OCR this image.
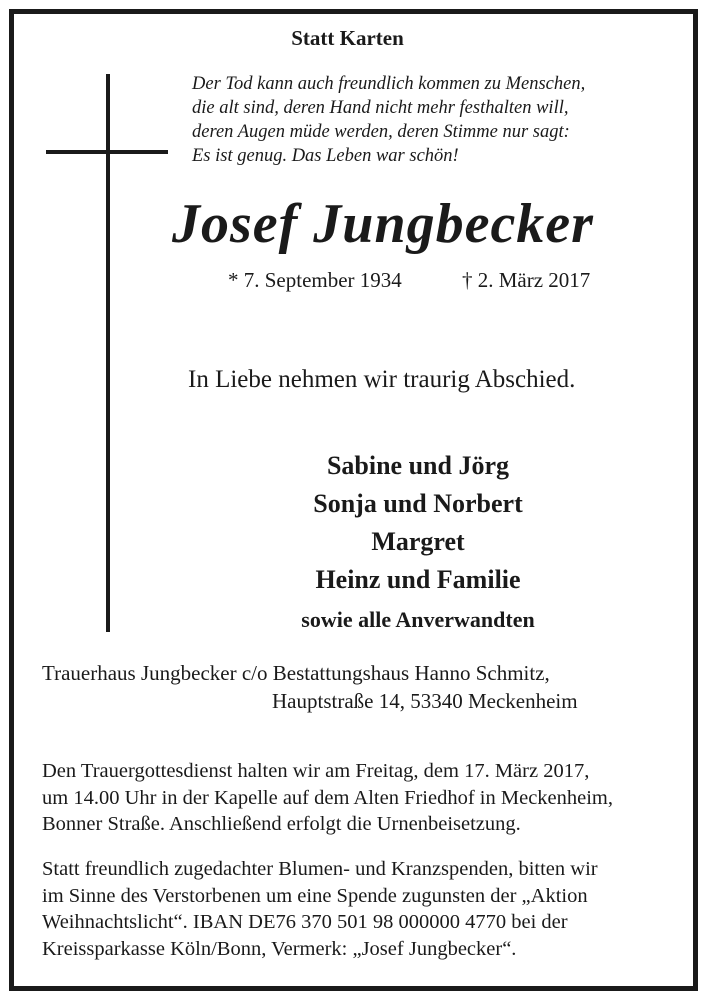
Statt Karten
Der Tod kann auch freundlich kommen zu Menschen,
die alt sind, deren Hand nicht mehr festhalten will,
deren Augen müde werden, deren Stimme nur sagt:
Es ist genug. Das Leben war schön!
Josef Jungbecker
* 7. September 1934	† 2. März 2017
In Liebe nehmen wir traurig Abschied.
Sabine und Jörg
Sonja und Norbert
Margret
Heinz und Familie
sowie alle Anverwandten
Trauerhaus Jungbecker c/o Bestattungshaus Hanno Schmitz,
Hauptstraße 14, 53340 Meckenheim
Den Trauergottesdienst halten wir am Freitag, dem 17. März 2017,
um 14.00 Uhr in der Kapelle auf dem Alten Friedhof in Meckenheim,
Bonner Straße. Anschließend erfolgt die Urnenbeisetzung.
Statt freundlich zugedachter Blumen- und Kranzspenden, bitten wir
im Sinne des Verstorbenen um eine Spende zugunsten der „Aktion
Weihnachtslicht“. IBAN DE76 370 501 98 000000 4770 bei der
Kreissparkasse Köln/Bonn, Vermerk: „Josef Jungbecker“.
